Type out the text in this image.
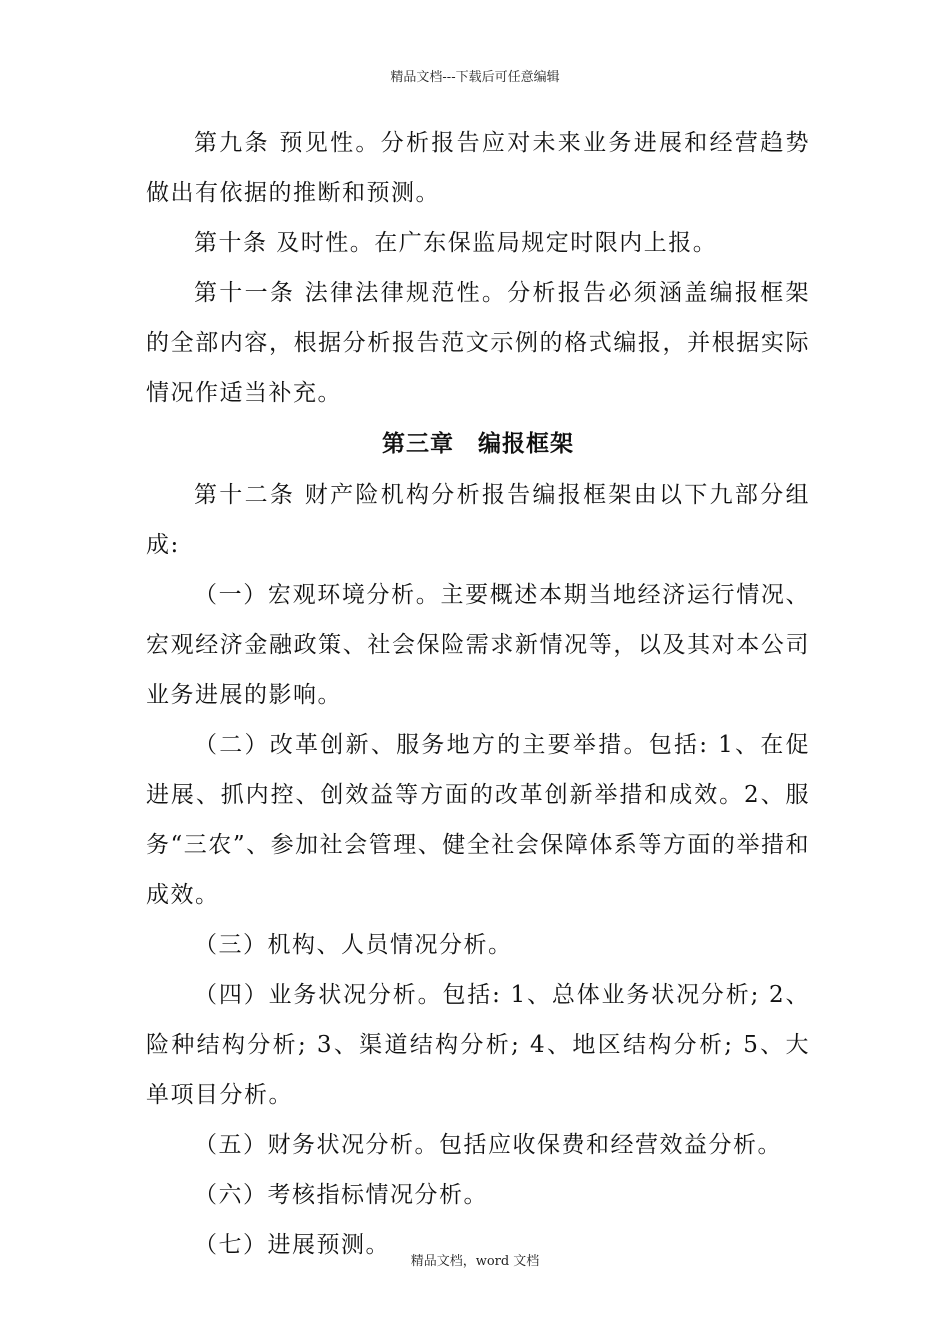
精品文档---下载后可任意编辑

第九条 预见性。分析报告应对未来业务进展和经营趋势做出有依据的推断和预测。

第十条 及时性。在广东保监局规定时限内上报。

第十一条 法律法律规范性。分析报告必须涵盖编报框架的全部内容，根据分析报告范文示例的格式编报，并根据实际情况作适当补充。

第三章　编报框架

第十二条 财产险机构分析报告编报框架由以下九部分组成:

（一）宏观环境分析。主要概述本期当地经济运行情况、宏观经济金融政策、社会保险需求新情况等，以及其对本公司业务进展的影响。

（二）改革创新、服务地方的主要举措。包括: 1、在促进展、抓内控、创效益等方面的改革创新举措和成效。2、服务“三农”、参加社会管理、健全社会保障体系等方面的举措和成效。

（三）机构、人员情况分析。

（四）业务状况分析。包括: 1、总体业务状况分析; 2、险种结构分析; 3、渠道结构分析; 4、地区结构分析; 5、大单项目分析。

（五）财务状况分析。包括应收保费和经营效益分析。

（六）考核指标情况分析。

（七）进展预测。

精品文档，word 文档
